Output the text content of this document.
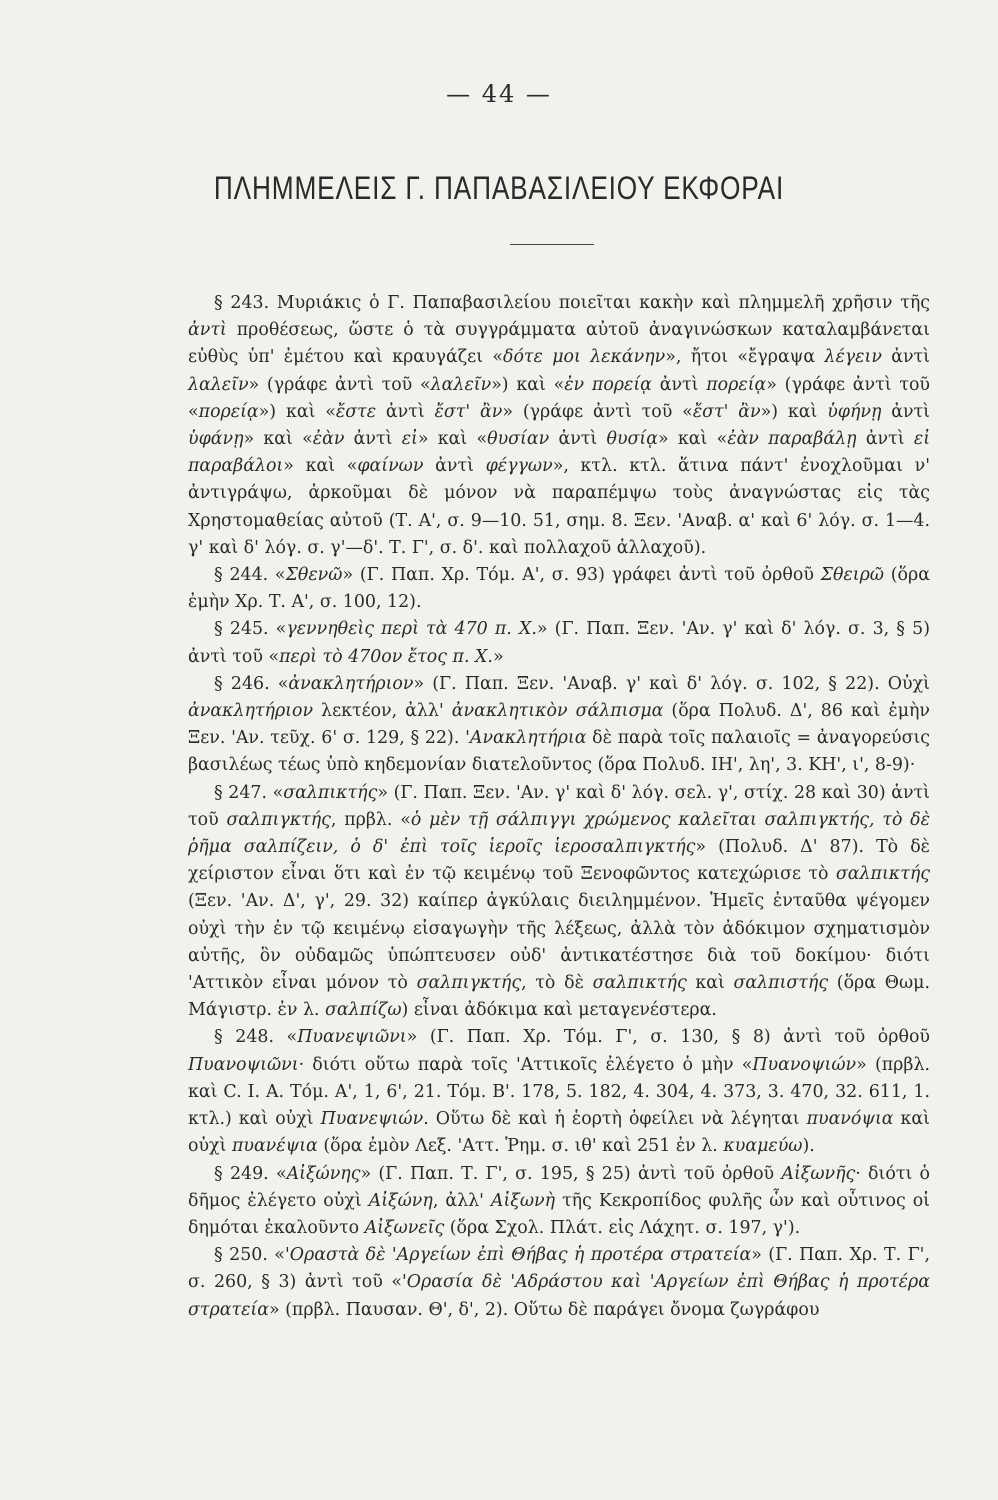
— 44 —
ΠΛΗΜΜΕΛΕΙΣ Γ. ΠΑΠΑΒΑΣΙΛΕΙΟΥ ΕΚΦΟΡΑΙ

§ 243. Μυριάκις ὁ Γ. Παπαβασιλείου ποιεῖται κακὴν καὶ πλημμελῆ χρῆσιν τῆς ἀντὶ προθέσεως, ὥστε ὁ τὰ συγγράμματα αὐτοῦ ἀναγινώσκων καταλαμβάνεται εὐθὺς ὑπ' ἐμέτου καὶ κραυγάζει «δότε μοι λεκάνην», ἤτοι «ἔγραψα λέγειν ἀντὶ λαλεῖν» (γράφε ἀντὶ τοῦ «λαλεῖν») καὶ «ἐν πορείᾳ ἀντὶ πορείᾳ» (γράφε ἀντὶ τοῦ «πορείᾳ») καὶ «ἔστε ἀντὶ ἔστ' ἂν» (γράφε ἀντὶ τοῦ «ἔστ' ἂν») καὶ ὑφήνῃ ἀντὶ ὑφάνῃ» καὶ «ἐὰν ἀντὶ εἰ» καὶ «θυσίαν ἀντὶ θυσίᾳ» καὶ «ἐὰν παραβάλῃ ἀντὶ εἰ παραβάλοι» καὶ «φαίνων ἀντὶ φέγγων», κτλ. κτλ. ἅτινα πάντ' ἐνοχλοῦμαι ν' ἀντιγράψω, ἀρκοῦμαι δὲ μόνον νὰ παραπέμψω τοὺς ἀναγνώστας εἰς τὰς Χρηστομαθείας αὐτοῦ (Τ. Α', σ. 9—10. 51, σημ. 8. Ξεν. 'Αναβ. α' καὶ 6' λόγ. σ. 1—4. γ' καὶ δ' λόγ. σ. γ'—δ'. Τ. Γ', σ. δ'. καὶ πολλαχοῦ ἀλλαχοῦ).

§ 244. «Σθενῶ» (Γ. Παπ. Χρ. Τόμ. Α', σ. 93) γράφει ἀντὶ τοῦ ὀρθοῦ Σθειρῶ (ὅρα ἐμὴν Χρ. Τ. Α', σ. 100, 12).

§ 245. «γεννηθεὶς περὶ τὰ 470 π. Χ.» (Γ. Παπ. Ξεν. 'Αν. γ' καὶ δ' λόγ. σ. 3, § 5) ἀντὶ τοῦ «περὶ τὸ 470ον ἔτος π. Χ.»

§ 246. «ἀνακλητήριον» (Γ. Παπ. Ξεν. 'Αναβ. γ' καὶ δ' λόγ. σ. 102, § 22). Οὐχὶ ἀνακλητήριον λεκτέον, ἀλλ' ἀνακλητικὸν σάλπισμα (ὅρα Πολυδ. Δ', 86 καὶ ἐμὴν Ξεν. 'Αν. τεῦχ. 6' σ. 129, § 22). 'Ανακλητήρια δὲ παρὰ τοῖς παλαιοῖς = ἀναγορεύσις βασιλέως τέως ὑπὸ κηδεμονίαν διατελοῦντος (ὅρα Πολυδ. ΙΗ', λη', 3. ΚΗ', ι', 8-9)·

§ 247. «σαλπικτής» (Γ. Παπ. Ξεν. 'Αν. γ' καὶ δ' λόγ. σελ. γ', στίχ. 28 καὶ 30) ἀντὶ τοῦ σαλπιγκτής, πρβλ. «ὁ μὲν τῇ σάλπιγγι χρώμενος καλεῖται σαλπιγκτής, τὸ δὲ ῥῆμα σαλπίζειν, ὁ δ' ἐπὶ τοῖς ἱεροῖς ἱεροσαλπιγκτής» (Πολυδ. Δ' 87). Τὸ δὲ χείριστον εἶναι ὅτι καὶ ἐν τῷ κειμένῳ τοῦ Ξενοφῶντος κατεχώρισε τὸ σαλπικτής (Ξεν. 'Αν. Δ', γ', 29. 32) καίπερ ἀγκύλαις διειλημμένον. Ἡμεῖς ἐνταῦθα ψέγομεν οὐχὶ τὴν ἐν τῷ κειμένῳ εἰσαγωγὴν τῆς λέξεως, ἀλλὰ τὸν ἀδόκιμον σχηματισμὸν αὐτῆς, ὃν οὐδαμῶς ὑπώπτευσεν οὐδ' ἀντικατέστησε διὰ τοῦ δοκίμου· διότι 'Αττικὸν εἶναι μόνον τὸ σαλπιγκτής, τὸ δὲ σαλπικτής καὶ σαλπιστής (ὅρα Θωμ. Μάγιστρ. ἐν λ. σαλπίζω) εἶναι ἀδόκιμα καὶ μεταγενέστερα.

§ 248. «Πυανεψιῶνι» (Γ. Παπ. Χρ. Τόμ. Γ', σ. 130, § 8) ἀντὶ τοῦ ὀρθοῦ Πυανοψιῶνι· διότι οὕτω παρὰ τοῖς 'Αττικοῖς ἐλέγετο ὁ μὴν «Πυανοψιών» (πρβλ. καὶ C. I. A. Τόμ. Α', 1, 6', 21. Τόμ. Β'. 178, 5. 182, 4. 304, 4. 373, 3. 470, 32. 611, 1. κτλ.) καὶ οὐχὶ Πυανεψιών. Οὕτω δὲ καὶ ἡ ἑορτὴ ὀφείλει νὰ λέγηται πυανόψια καὶ οὐχὶ πυανέψια (ὅρα ἐμὸν Λεξ. 'Αττ. Ῥημ. σ. ιθ' καὶ 251 ἐν λ. κυαμεύω).

§ 249. «Αἰξώνης» (Γ. Παπ. Τ. Γ', σ. 195, § 25) ἀντὶ τοῦ ὀρθοῦ Αἰξωνῆς· διότι ὁ δῆμος ἐλέγετο οὐχὶ Αἰξώνη, ἀλλ' Αἰξωνὴ τῆς Κεκροπίδος φυλῆς ὧν καὶ οὗτινος οἱ δημόται ἐκαλοῦντο Αἰξωνεῖς (ὅρα Σχολ. Πλάτ. εἰς Λάχητ. σ. 197, γ').

§ 250. «'Οραστὰ δὲ 'Αργείων ἐπὶ Θήβας ἡ προτέρα στρατεία» (Γ. Παπ. Χρ. Τ. Γ', σ. 260, § 3) ἀντὶ τοῦ «'Ορασία δὲ 'Αδράστου καὶ 'Αργείων ἐπὶ Θήβας ἡ προτέρα στρατεία» (πρβλ. Παυσαν. Θ', δ', 2). Οὕτω δὲ παράγει ὄνομα ζωγράφου
